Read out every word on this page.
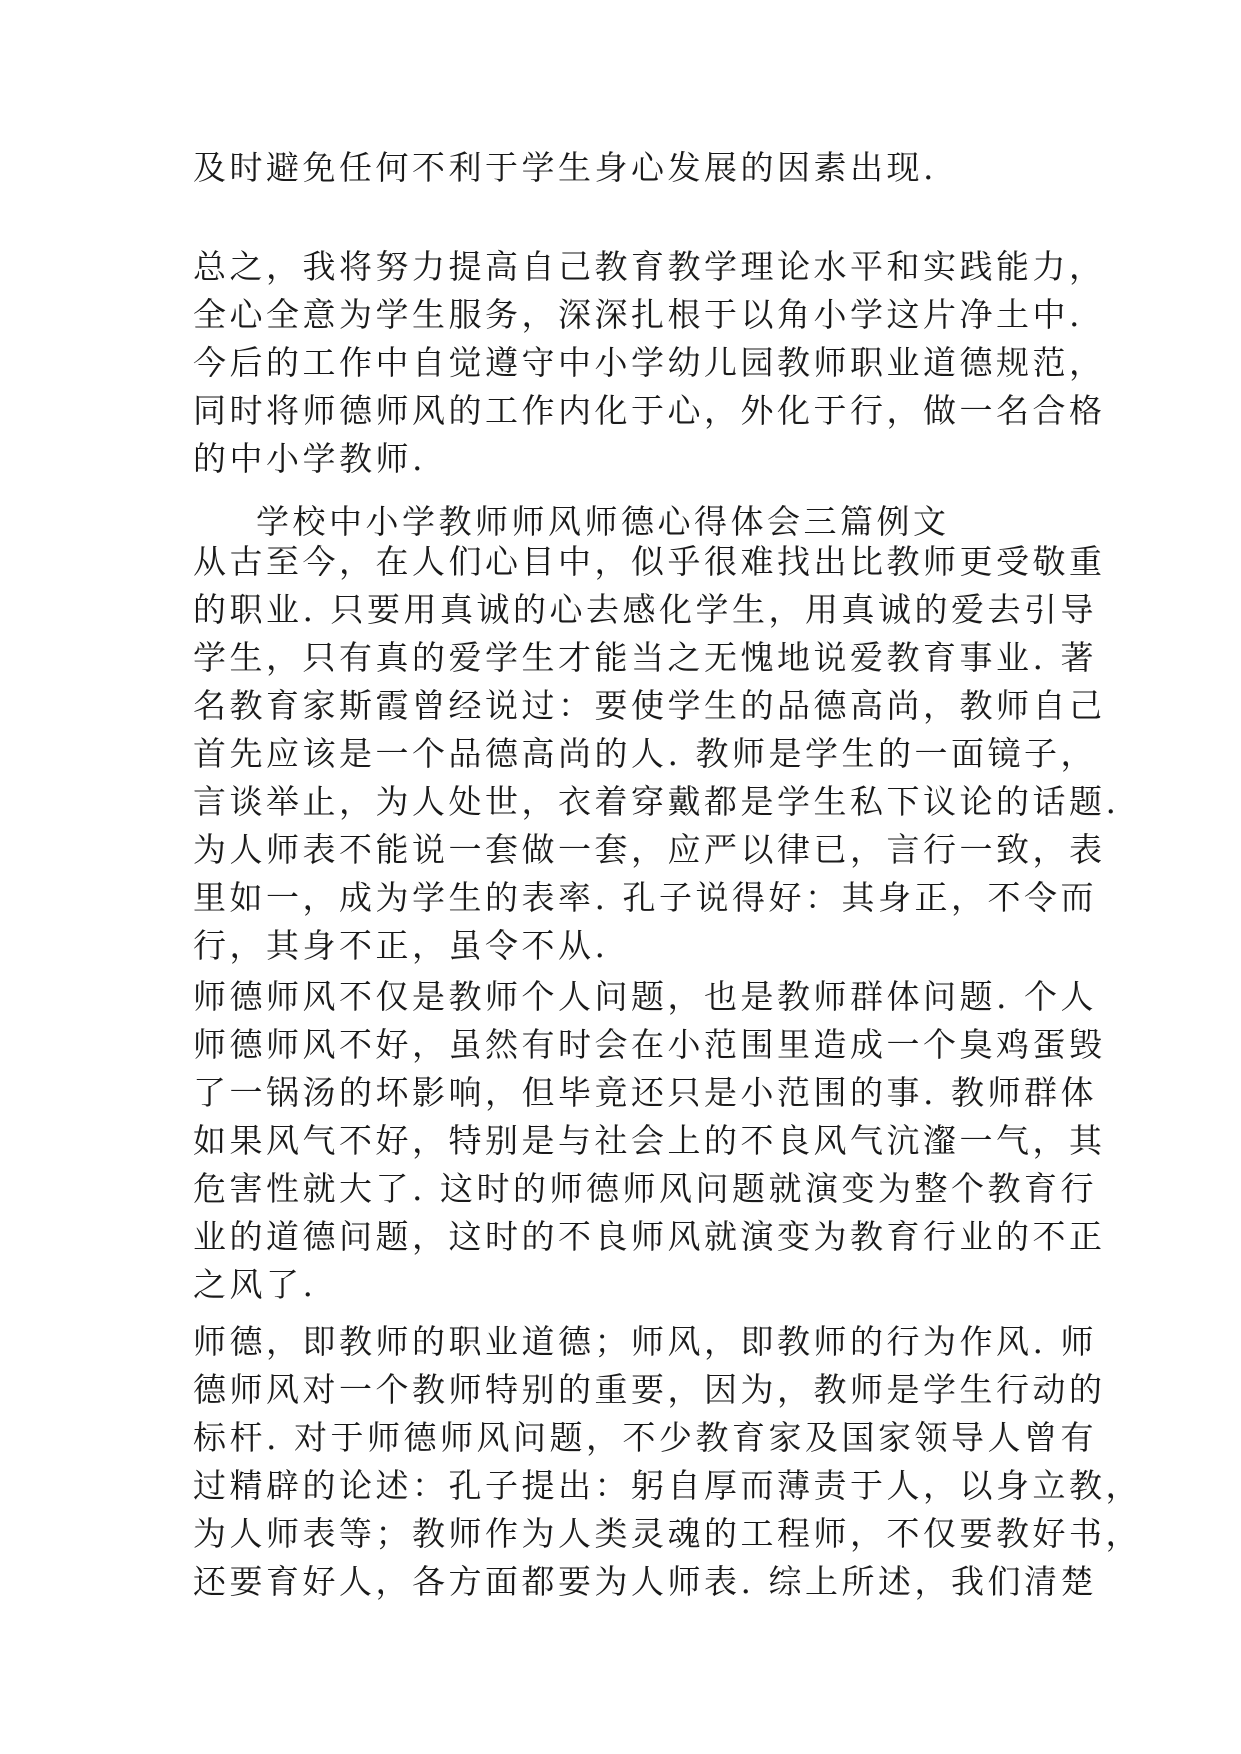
及时避免任何不利于学生身心发展的因素出现.
总之，我将努力提高自己教育教学理论水平和实践能力，
全心全意为学生服务，深深扎根于以角小学这片净土中.
今后的工作中自觉遵守中小学幼儿园教师职业道德规范，
同时将师德师风的工作内化于心，外化于行，做一名合格
的中小学教师.
学校中小学教师师风师德心得体会三篇例文
从古至今，在人们心目中，似乎很难找出比教师更受敬重
的职业. 只要用真诚的心去感化学生，用真诚的爱去引导
学生，只有真的爱学生才能当之无愧地说爱教育事业. 著
名教育家斯霞曾经说过：要使学生的品德高尚，教师自己
首先应该是一个品德高尚的人. 教师是学生的一面镜子，
言谈举止，为人处世，衣着穿戴都是学生私下议论的话题.
为人师表不能说一套做一套，应严以律已，言行一致，表
里如一，成为学生的表率. 孔子说得好：其身正，不令而
行，其身不正，虽令不从.
师德师风不仅是教师个人问题，也是教师群体问题. 个人
师德师风不好，虽然有时会在小范围里造成一个臭鸡蛋毁
了一锅汤的坏影响，但毕竟还只是小范围的事. 教师群体
如果风气不好，特别是与社会上的不良风气沆瀣一气，其
危害性就大了. 这时的师德师风问题就演变为整个教育行
业的道德问题，这时的不良师风就演变为教育行业的不正
之风了.
师德，即教师的职业道德；师风，即教师的行为作风. 师
德师风对一个教师特别的重要，因为，教师是学生行动的
标杆. 对于师德师风问题，不少教育家及国家领导人曾有
过精辟的论述：孔子提出：躬自厚而薄责于人，以身立教，
为人师表等；教师作为人类灵魂的工程师，不仅要教好书，
还要育好人，各方面都要为人师表. 综上所述，我们清楚
